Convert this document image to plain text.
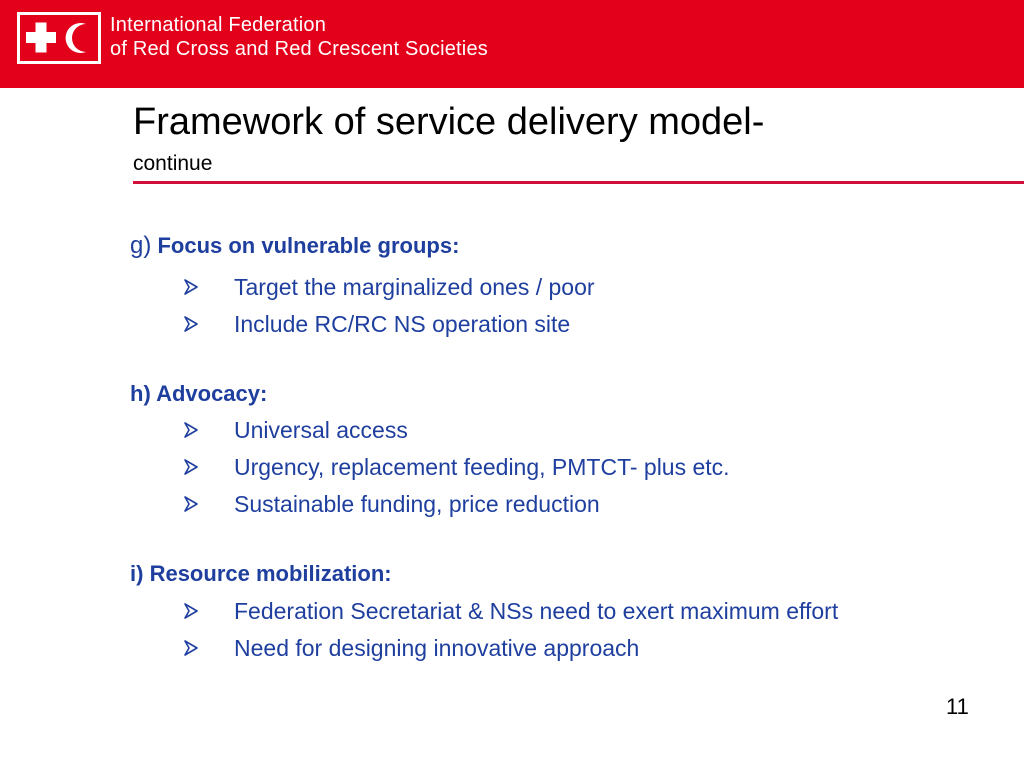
International Federation
of Red Cross and Red Crescent Societies
Framework of service delivery model-
continue
g) Focus on vulnerable groups:
Target the marginalized ones / poor
Include RC/RC NS operation site
h) Advocacy:
Universal access
Urgency, replacement feeding, PMTCT- plus etc.
Sustainable funding, price reduction
i) Resource mobilization:
Federation Secretariat & NSs need to exert maximum effort
Need for designing innovative approach
11
